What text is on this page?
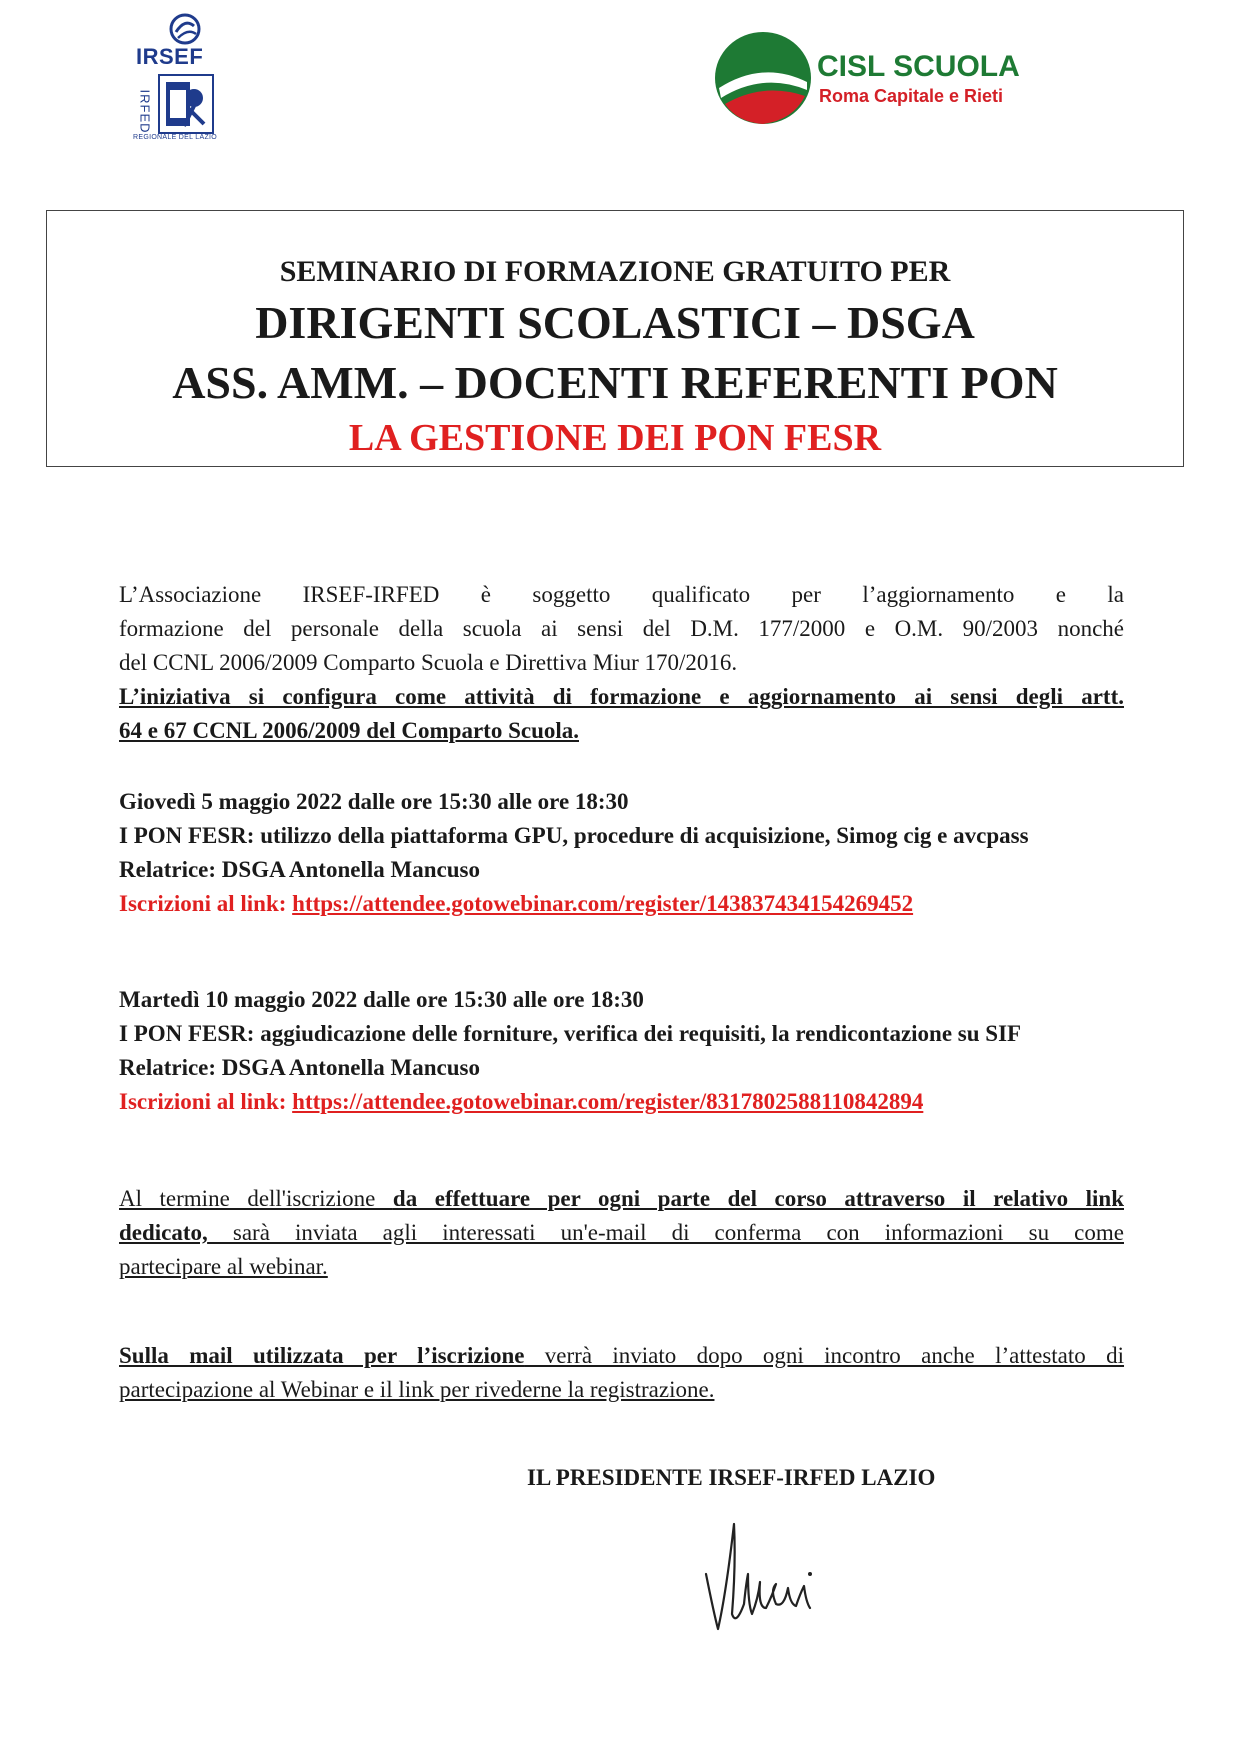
IRSEF
IRFED
REGIONALE DEL LAZIO
CISL SCUOLA
Roma Capitale e Rieti
SEMINARIO DI FORMAZIONE GRATUITO PER
DIRIGENTI SCOLASTICI – DSGA
ASS. AMM. – DOCENTI REFERENTI PON
LA GESTIONE DEI PON FESR
L’Associazione IRSEF-IRFED è soggetto qualificato per l’aggiornamento e la
formazione del personale della scuola ai sensi del D.M. 177/2000 e O.M. 90/2003 nonché
del CCNL 2006/2009 Comparto Scuola e Direttiva Miur 170/2016.
L’iniziativa si configura come attività di formazione e aggiornamento ai sensi degli artt.
64 e 67 CCNL 2006/2009 del Comparto Scuola.
Giovedì 5 maggio 2022 dalle ore 15:30 alle ore 18:30
I PON FESR: utilizzo della piattaforma GPU, procedure di acquisizione, Simog cig e avcpass
Relatrice: DSGA Antonella Mancuso
Iscrizioni al link: https://attendee.gotowebinar.com/register/143837434154269452
Martedì 10 maggio 2022 dalle ore 15:30 alle ore 18:30
I PON FESR: aggiudicazione delle forniture, verifica dei requisiti, la rendicontazione su SIF
Relatrice: DSGA Antonella Mancuso
Iscrizioni al link: https://attendee.gotowebinar.com/register/8317802588110842894
Al termine dell'iscrizione da effettuare per ogni parte del corso attraverso il relativo link
dedicato, sarà inviata agli interessati un'e-mail di conferma con informazioni su come
partecipare al webinar.
Sulla mail utilizzata per l’iscrizione verrà inviato dopo ogni incontro anche l’attestato di
partecipazione al Webinar e il link per rivederne la registrazione.
IL PRESIDENTE IRSEF-IRFED LAZIO
